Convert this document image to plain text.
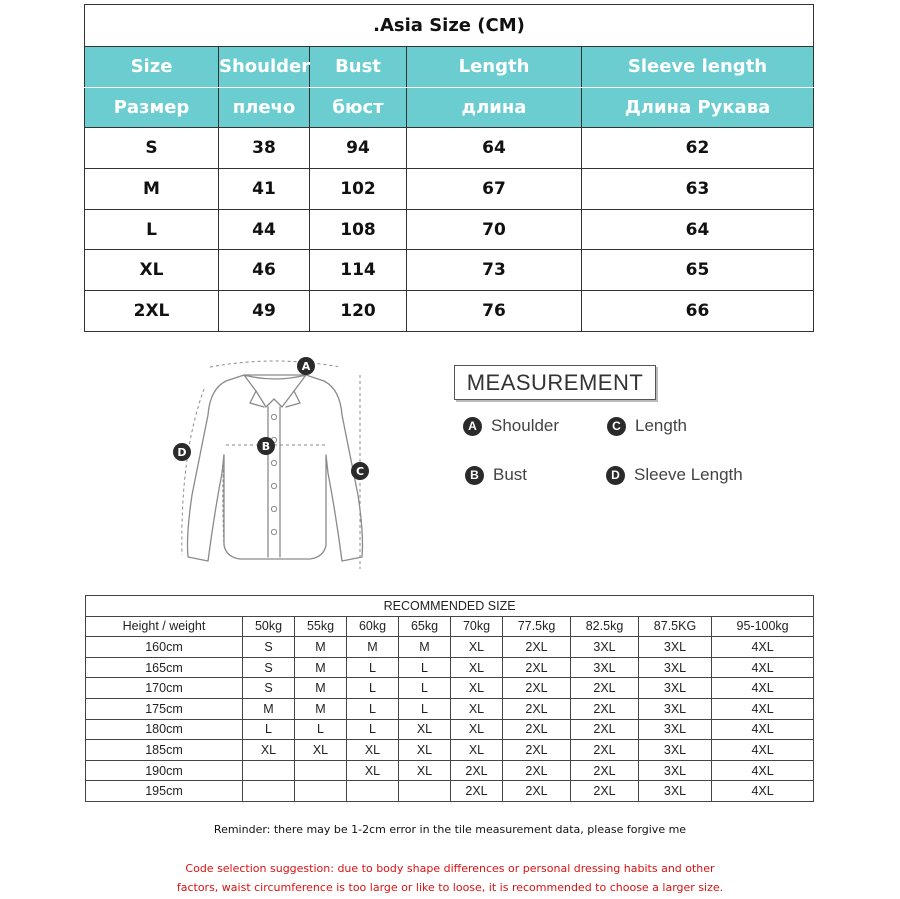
.Asia Size (CM)				
Size	Shoulder	Bust	Length	Sleeve length
Размер	плечо	бюст	длина	Длина Рукава
S	38	94	64	62
M	41	102	67	63
L	44	108	70	64
XL	46	114	73	65
2XL	49	120	76	66
A
B
C
D
MEASUREMENT
A Shoulder	C Length
B Bust	D Sleeve Length
RECOMMENDED SIZE									
Height / weight	50kg	55kg	60kg	65kg	70kg	77.5kg	82.5kg	87.5KG	95-100kg
160cm	S	M	M	M	XL	2XL	3XL	3XL	4XL
165cm	S	M	L	L	XL	2XL	3XL	3XL	4XL
170cm	S	M	L	L	XL	2XL	2XL	3XL	4XL
175cm	M	M	L	L	XL	2XL	2XL	3XL	4XL
180cm	L	L	L	XL	XL	2XL	2XL	3XL	4XL
185cm	XL	XL	XL	XL	XL	2XL	2XL	3XL	4XL
190cm			XL	XL	2XL	2XL	2XL	3XL	4XL
195cm					2XL	2XL	2XL	3XL	4XL
Reminder: there may be 1-2cm error in the tile measurement data, please forgive me
Code selection suggestion: due to body shape differences or personal dressing habits and other
factors, waist circumference is too large or like to loose, it is recommended to choose a larger size.
